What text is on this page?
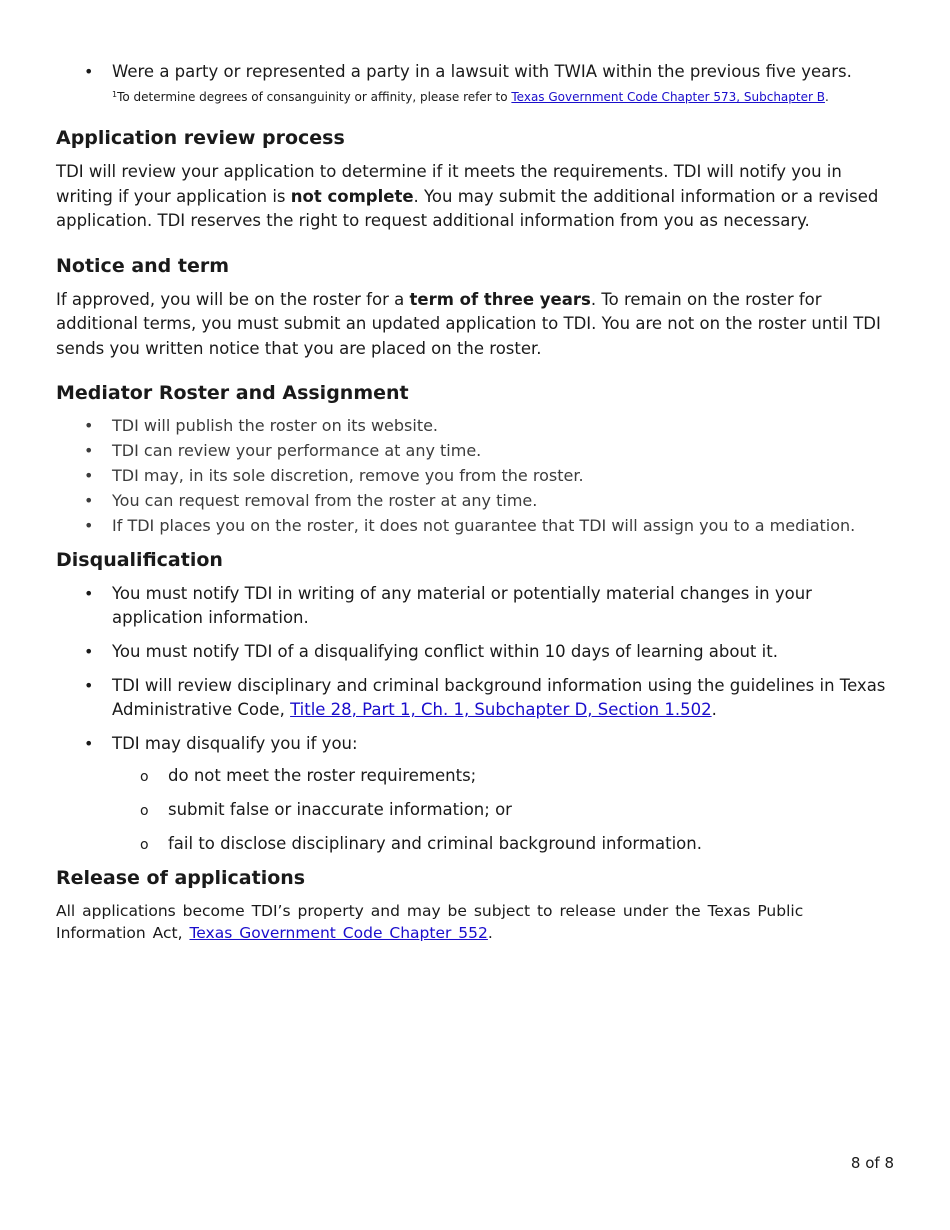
• Were a party or represented a party in a lawsuit with TWIA within the previous five years.
$^1$To determine degrees of consanguinity or affinity, please refer to Texas Government Code Chapter 573, Subchapter B.
Application review process

TDI will review your application to determine if it meets the requirements. TDI will notify you in writing if your application is not complete. You may submit the additional information or a revised application. TDI reserves the right to request additional information from you as necessary.

Notice and term

If approved, you will be on the roster for a term of three years. To remain on the roster for additional terms, you must submit an updated application to TDI. You are not on the roster until TDI sends you written notice that you are placed on the roster.

Mediator Roster and Assignment
• TDI will publish the roster on its website.
• TDI can review your performance at any time.
• TDI may, in its sole discretion, remove you from the roster.
• You can request removal from the roster at any time.
• If TDI places you on the roster, it does not guarantee that TDI will assign you to a mediation.
Disqualification
• You must notify TDI in writing of any material or potentially material changes in your application information.
• You must notify TDI of a disqualifying conflict within 10 days of learning about it.
• TDI will review disciplinary and criminal background information using the guidelines in Texas Administrative Code, Title 28, Part 1, Ch. 1, Subchapter D, Section 1.502.
• TDI may disqualify you if you:
o do not meet the roster requirements;
o submit false or inaccurate information; or
o fail to disclose disciplinary and criminal background information.
Release of applications

All applications become TDI’s property and may be subject to release under the Texas Public Information Act, Texas Government Code Chapter 552.

8 of 8
